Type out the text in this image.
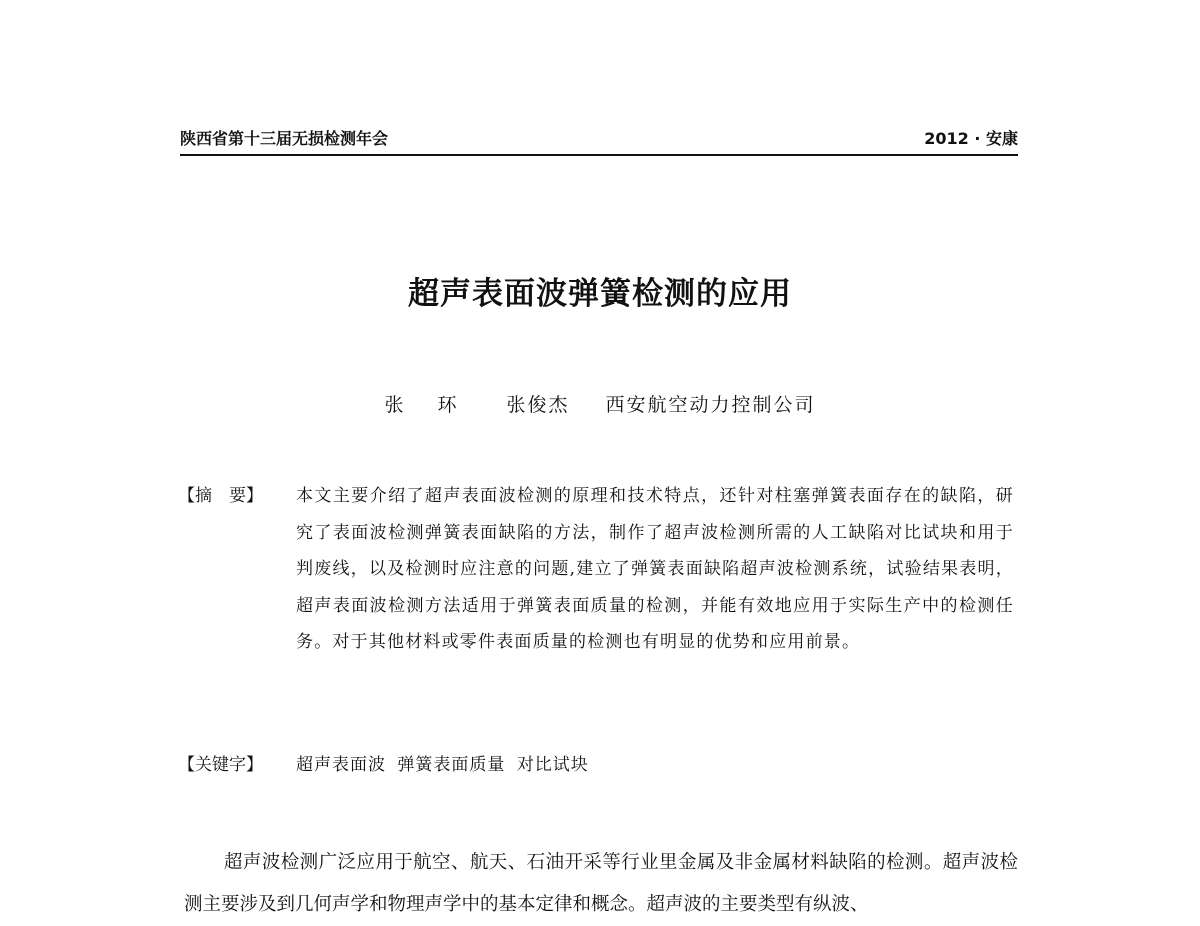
陕西省第十三届无损检测年会	2012 · 安康
超声表面波弹簧检测的应用
张 环 张俊杰 西安航空动力控制公司
【摘　要】	本文主要介绍了超声表面波检测的原理和技术特点，还针对柱塞弹簧表面存在的缺陷，研究了表面波检测弹簧表面缺陷的方法，制作了超声波检测所需的人工缺陷对比试块和用于判废线，以及检测时应注意的问题,建立了弹簧表面缺陷超声波检测系统，试验结果表明，超声表面波检测方法适用于弹簧表面质量的检测，并能有效地应用于实际生产中的检测任务。对于其他材料或零件表面质量的检测也有明显的优势和应用前景。
【关键字】	超声表面波 弹簧表面质量 对比试块
超声波检测广泛应用于航空、航天、石油开采等行业里金属及非金属材料缺陷的检测。超声波检测主要涉及到几何声学和物理声学中的基本定律和概念。超声波的主要类型有纵波、
